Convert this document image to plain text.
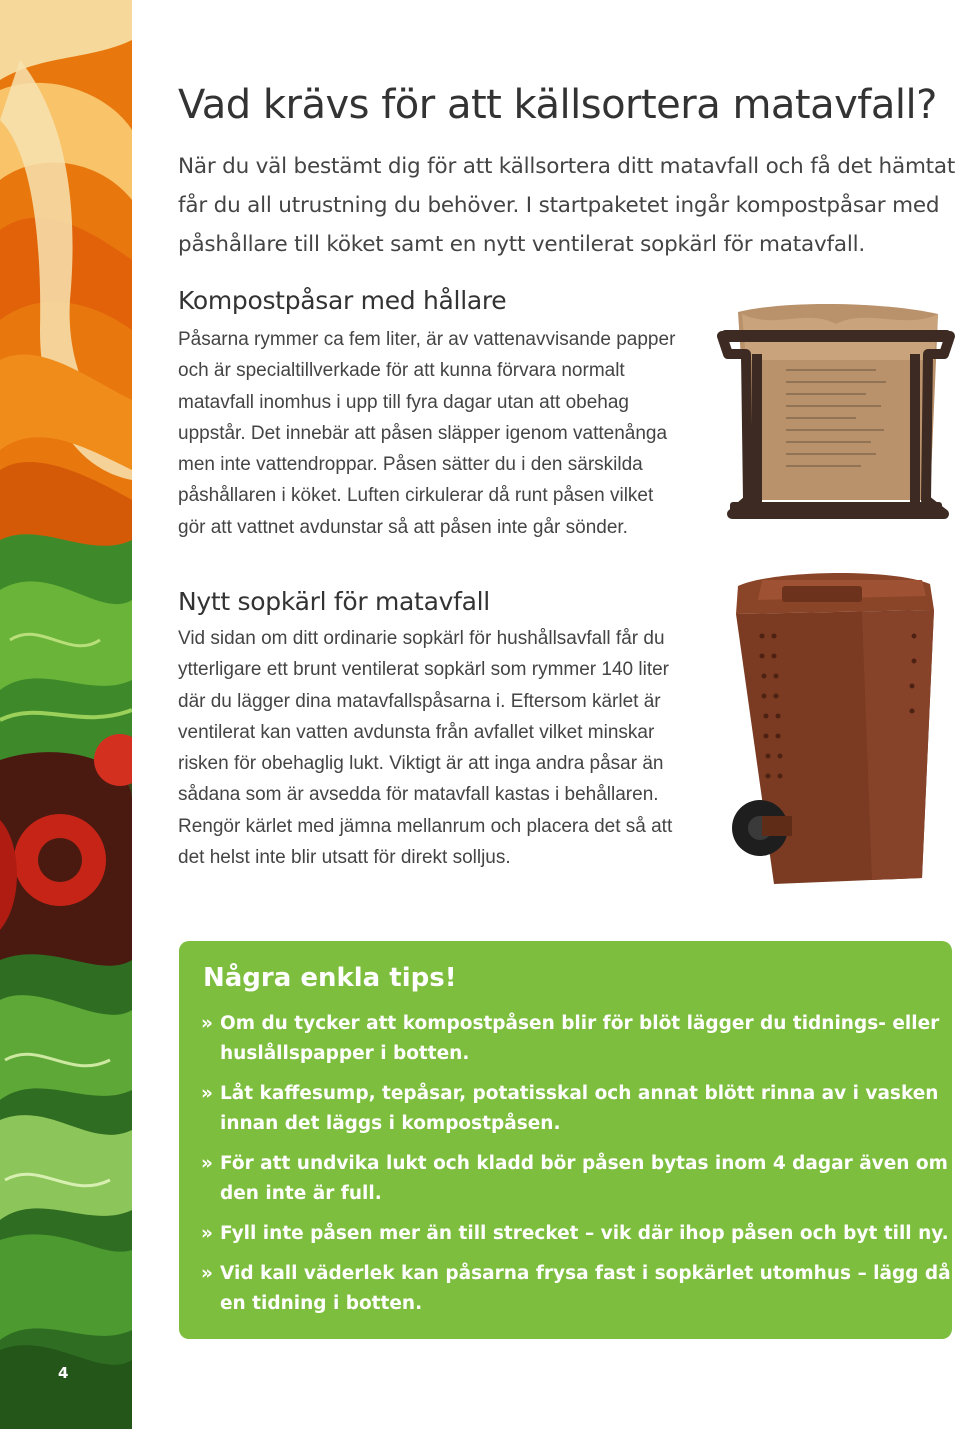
4
Vad krävs för att källsortera matavfall?

När du väl bestämt dig för att källsortera ditt matavfall och få det hämtat
får du all utrustning du behöver. I startpaketet ingår kompostpåsar med
påshållare till köket samt en nytt ventilerat sopkärl för matavfall.

Kompostpåsar med hållare

Påsarna rymmer ca fem liter, är av vattenavvisande papper
och är specialtillverkade för att kunna förvara normalt
matavfall inomhus i upp till fyra dagar utan att obehag
uppstår. Det innebär att påsen släpper igenom vattenånga
men inte vattendroppar. Påsen sätter du i den särskilda
påshållaren i köket. Luften cirkulerar då runt påsen vilket
gör att vattnet avdunstar så att påsen inte går sönder.

Nytt sopkärl för matavfall

Vid sidan om ditt ordinarie sopkärl för hushållsavfall får du
ytterligare ett brunt ventilerat sopkärl som rymmer 140 liter
där du lägger dina matavfallspåsarna i. Eftersom kärlet är
ventilerat kan vatten avdunsta från avfallet vilket minskar
risken för obehaglig lukt. Viktigt är att inga andra påsar än
sådana som är avsedda för matavfall kastas i behållaren.
Rengör kärlet med jämna mellanrum och placera det så att
det helst inte blir utsatt för direkt solljus.

Några enkla tips!
» Om du tycker att kompostpåsen blir för blöt lägger du tidnings- eller
huslållspapper i botten.
» Låt kaffesump, tepåsar, potatisskal och annat blött rinna av i vasken
innan det läggs i kompostpåsen.
» För att undvika lukt och kladd bör påsen bytas inom 4 dagar även om
den inte är full.
» Fyll inte påsen mer än till strecket – vik där ihop påsen och byt till ny.
» Vid kall väderlek kan påsarna frysa fast i sopkärlet utomhus – lägg då
en tidning i botten.
